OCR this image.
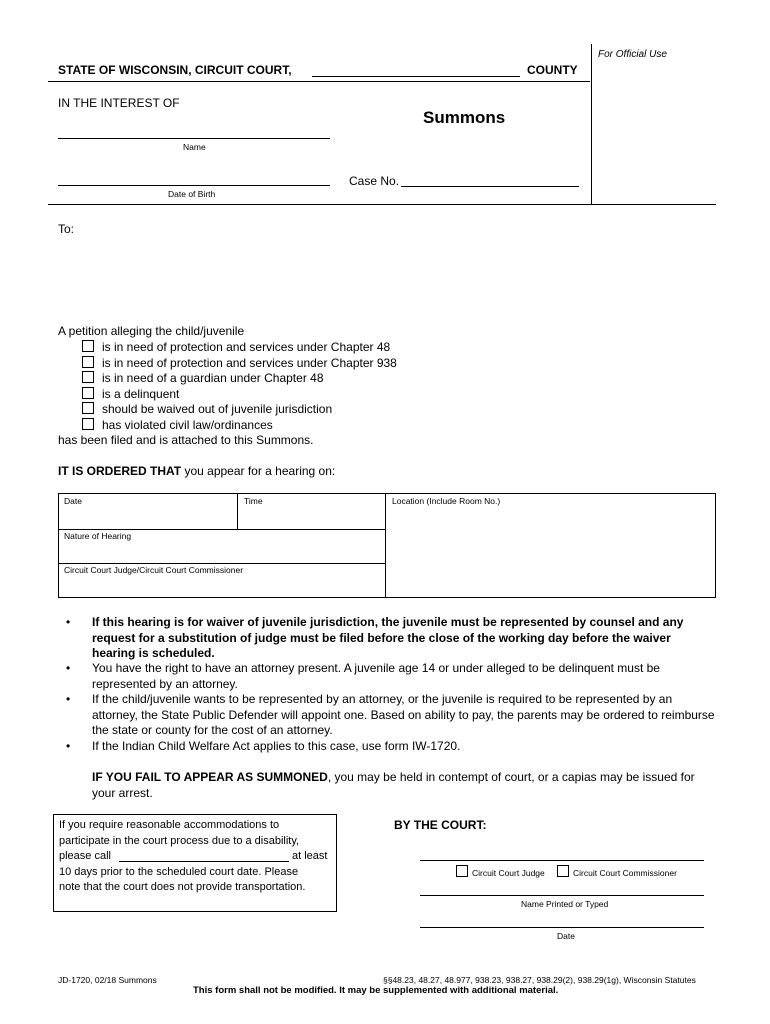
For Official Use
STATE OF WISCONSIN, CIRCUIT COURT,	COUNTY
IN THE INTEREST OF
Summons
Name
Date of Birth
Case No.
To:
A petition alleging the child/juvenile
is in need of protection and services under Chapter 48
is in need of protection and services under Chapter 938
is in need of a guardian under Chapter 48
is a delinquent
should be waived out of juvenile jurisdiction
has violated civil law/ordinances
has been filed and is attached to this Summons.
IT IS ORDERED THAT you appear for a hearing on:
Date	Time	Location (Include Room No.)
Nature of Hearing
Circuit Court Judge/Circuit Court Commissioner
• If this hearing is for waiver of juvenile jurisdiction, the juvenile must be represented by counsel and any request for a substitution of judge must be filed before the close of the working day before the waiver hearing is scheduled.
• You have the right to have an attorney present. A juvenile age 14 or under alleged to be delinquent must be represented by an attorney.
• If the child/juvenile wants to be represented by an attorney, or the juvenile is required to be represented by an attorney, the State Public Defender will appoint one. Based on ability to pay, the parents may be ordered to reimburse the state or county for the cost of an attorney.
• If the Indian Child Welfare Act applies to this case, use form IW-1720.
IF YOU FAIL TO APPEAR AS SUMMONED, you may be held in contempt of court, or a capias may be issued for your arrest.
If you require reasonable accommodations to
participate in the court process due to a disability,
please call	at least
10 days prior to the scheduled court date. Please
note that the court does not provide transportation.
BY THE COURT:
Circuit Court Judge	Circuit Court Commissioner
Name Printed or Typed
Date
JD-1720, 02/18 Summons	§§48.23, 48.27, 48.977, 938.23, 938.27, 938.29(2), 938.29(1g), Wisconsin Statutes
This form shall not be modified. It may be supplemented with additional material.
